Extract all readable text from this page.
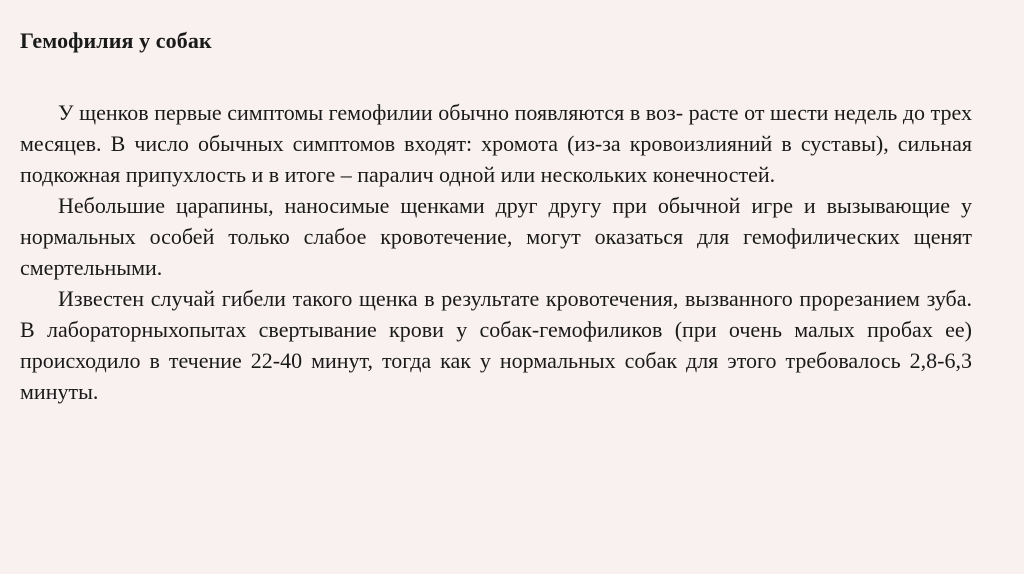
Гемофилия у собак

У щенков первые симптомы гемофилии обычно появляются в воз- расте от шести недель до трех месяцев. В число обычных симптомов входят: хромота (из-за кровоизлияний в суставы), сильная подкожная припухлость и в итоге – паралич одной или нескольких конечностей.

Небольшие царапины, наносимые щенками друг другу при обычной игре и вызывающие у нормальных особей только слабое кровотечение, могут оказаться для гемофилических щенят смертельными.

Известен случай гибели такого щенка в результате кровотечения, вызванного прорезанием зуба. В лабораторныхопытах свертывание крови у собак-гемофиликов (при очень малых пробах ее) происходило в течение 22-40 минут, тогда как у нормальных собак для этого требовалось 2,8-6,3 минуты.
